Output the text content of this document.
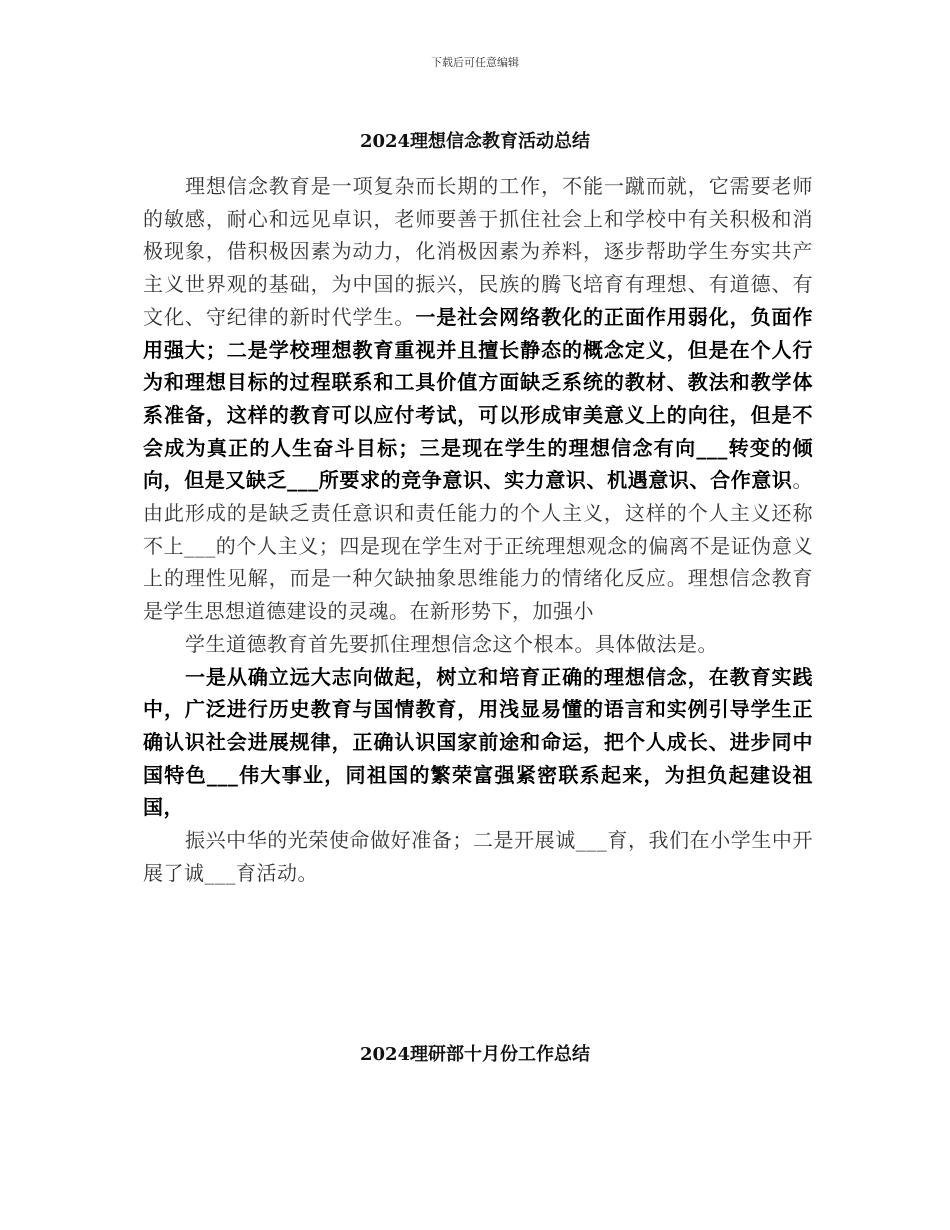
下载后可任意编辑
2024理想信念教育活动总结

理想信念教育是一项复杂而长期的工作，不能一蹴而就，它需要老师的敏感，耐心和远见卓识，老师要善于抓住社会上和学校中有关积极和消极现象，借积极因素为动力，化消极因素为养料，逐步帮助学生夯实共产主义世界观的基础，为中国的振兴，民族的腾飞培育有理想、有道德、有文化、守纪律的新时代学生。一是社会网络教化的正面作用弱化，负面作用强大；二是学校理想教育重视并且擅长静态的概念定义，但是在个人行为和理想目标的过程联系和工具价值方面缺乏系统的教材、教法和教学体系准备，这样的教育可以应付考试，可以形成审美意义上的向往，但是不会成为真正的人生奋斗目标；三是现在学生的理想信念有向___转变的倾向，但是又缺乏___所要求的竞争意识、实力意识、机遇意识、合作意识。由此形成的是缺乏责任意识和责任能力的个人主义，这样的个人主义还称不上___的个人主义；四是现在学生对于正统理想观念的偏离不是证伪意义上的理性见解，而是一种欠缺抽象思维能力的情绪化反应。理想信念教育是学生思想道德建设的灵魂。在新形势下，加强小

学生道德教育首先要抓住理想信念这个根本。具体做法是。

一是从确立远大志向做起，树立和培育正确的理想信念，在教育实践中，广泛进行历史教育与国情教育，用浅显易懂的语言和实例引导学生正确认识社会进展规律，正确认识国家前途和命运，把个人成长、进步同中国特色___伟大事业，同祖国的繁荣富强紧密联系起来，为担负起建设祖国，

振兴中华的光荣使命做好准备；二是开展诚___育，我们在小学生中开展了诚___育活动。

2024理研部十月份工作总结
